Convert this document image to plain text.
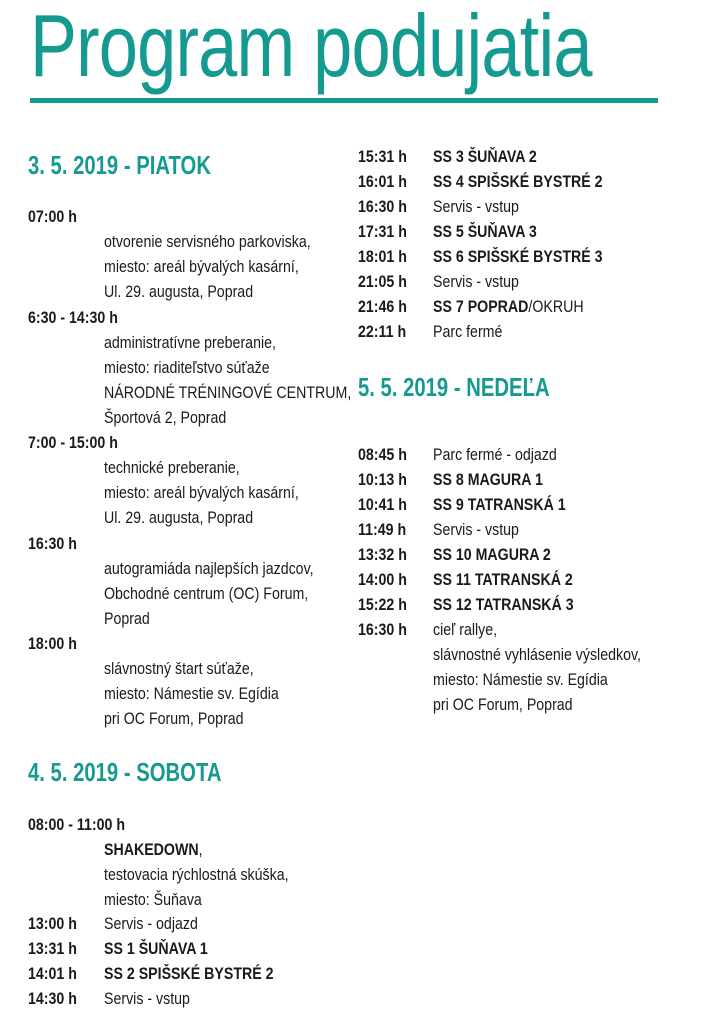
Program podujatia
3. 5. 2019 - PIATOK
4. 5. 2019 - SOBOTA
5. 5. 2019 - NEDEĽA
07:00 h
otvorenie servisného parkoviska,
miesto: areál bývalých kasární,
Ul. 29. augusta, Poprad
6:30 - 14:30 h
administratívne preberanie,
miesto: riaditeľstvo súťaže
NÁRODNÉ TRÉNINGOVÉ CENTRUM,
Športová 2, Poprad
7:00 - 15:00 h
technické preberanie,
miesto: areál bývalých kasární,
Ul. 29. augusta, Poprad
16:30 h
autogramiáda najlepších jazdcov,
Obchodné centrum (OC) Forum,
Poprad
18:00 h
slávnostný štart súťaže,
miesto: Námestie sv. Egídia
pri OC Forum, Poprad
08:00 - 11:00 h
SHAKEDOWN,
testovacia rýchlostná skúška,
miesto: Šuňava
13:00 h Servis - odjazd
13:31 h SS 1 ŠUŇAVA 1
14:01 h SS 2 SPIŠSKÉ BYSTRÉ 2
14:30 h Servis - vstup
15:31 h SS 3 ŠUŇAVA 2
16:01 h SS 4 SPIŠSKÉ BYSTRÉ 2
16:30 h Servis - vstup
17:31 h SS 5 ŠUŇAVA 3
18:01 h SS 6 SPIŠSKÉ BYSTRÉ 3
21:05 h Servis - vstup
21:46 h SS 7 POPRAD/OKRUH
22:11 h Parc fermé
08:45 h Parc fermé - odjazd
10:13 h SS 8 MAGURA 1
10:41 h SS 9 TATRANSKÁ 1
11:49 h Servis - vstup
13:32 h SS 10 MAGURA 2
14:00 h SS 11 TATRANSKÁ 2
15:22 h SS 12 TATRANSKÁ 3
16:30 h cieľ rallye,
slávnostné vyhlásenie výsledkov,
miesto: Námestie sv. Egídia
pri OC Forum, Poprad
